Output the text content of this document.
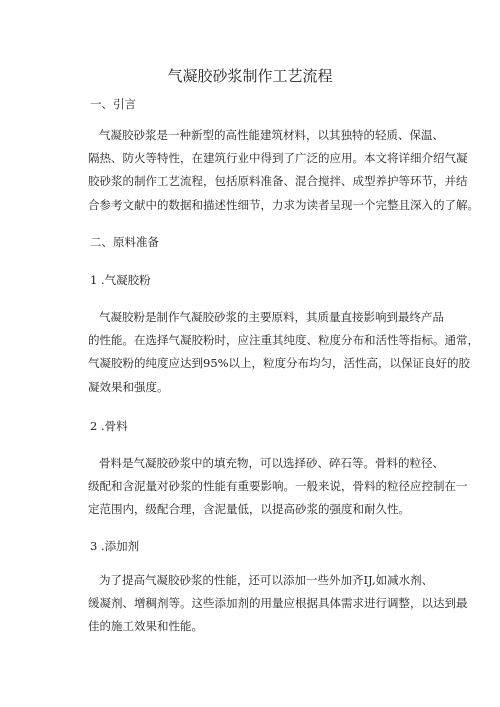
气凝胶砂浆制作工艺流程
一、引言
气凝胶砂浆是一种新型的高性能建筑材料，以其独特的轻质、保温、
隔热、防火等特性，在建筑行业中得到了广泛的应用。本文将详细介绍气凝
胶砂浆的制作工艺流程，包括原料准备、混合搅拌、成型养护等环节，并结
合参考文献中的数据和描述性细节，力求为读者呈现一个完整且深入的了解。
二、原料准备
1 .气凝胶粉
气凝胶粉是制作气凝胶砂浆的主要原料，其质量直接影响到最终产品
的性能。在选择气凝胶粉时，应注重其纯度、粒度分布和活性等指标。通常，
气凝胶粉的纯度应达到95%以上，粒度分布均匀，活性高，以保证良好的胶
凝效果和强度。
2 .骨料
骨料是气凝胶砂浆中的填充物，可以选择砂、碎石等。骨料的粒径、
级配和含泥量对砂浆的性能有重要影响。一般来说，骨料的粒径应控制在一
定范围内，级配合理，含泥量低，以提高砂浆的强度和耐久性。
3 .添加剂
为了提高气凝胶砂浆的性能，还可以添加一些外加齐IJ,如减水剂、
缓凝剂、增稠剂等。这些添加剂的用量应根据具体需求进行调整，以达到最
佳的施工效果和性能。
